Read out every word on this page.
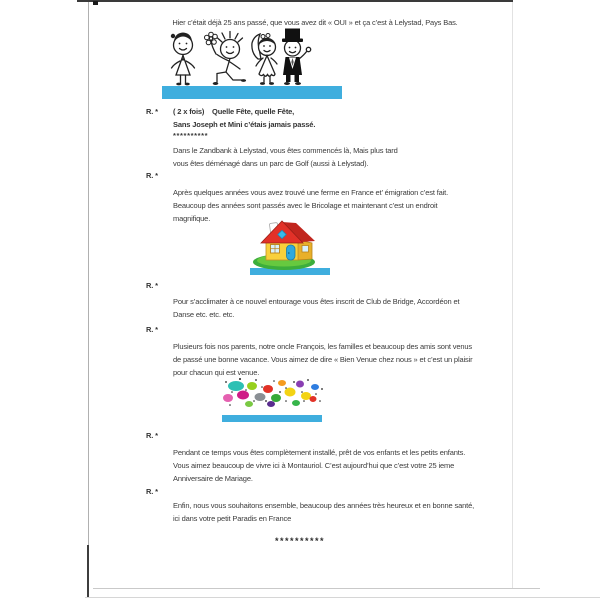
Hier c’était déjà 25 ans passé, que vous avez dit « OUI » et ça c’est à Lelystad, Pays Bas.
R. * ( 2 x fois)    Quelle Fête, quelle Fête,
Sans Joseph et Mini c’étais jamais passé.
**********
Dans le Zandbank à Lelystad, vous êtes commencés là, Mais plus tard
vous êtes déménagé dans un parc de Golf (aussi à Lelystad).
R. *
Après quelques années vous avez trouvé une ferme en France et’ émigration c’est fait.
Beaucoup des années sont passés avec le Bricolage et maintenant c’est un endroit
magnifique.
R. *
Pour s’acclimater à ce nouvel entourage vous êtes inscrit de Club de Bridge, Accordéon et
Danse etc. etc. etc.
R. *
Plusieurs fois nos parents, notre oncle François, les familles et beaucoup des amis sont venus
de passé une bonne vacance. Vous aimez de dire « Bien Venue chez nous » et c’est un plaisir
pour chacun qui est venue.
R. *
Pendant ce temps vous êtes complètement installé, prêt de vos enfants et les petits enfants.
Vous aimez beaucoup de vivre ici à Montauriol. C’est aujourd’hui que c’est votre 25 ieme
Anniversaire de Mariage.
R. *
Enfin, nous vous souhaitons ensemble, beaucoup des années très heureux et en bonne santé,
ici dans votre petit Paradis en France
**********
